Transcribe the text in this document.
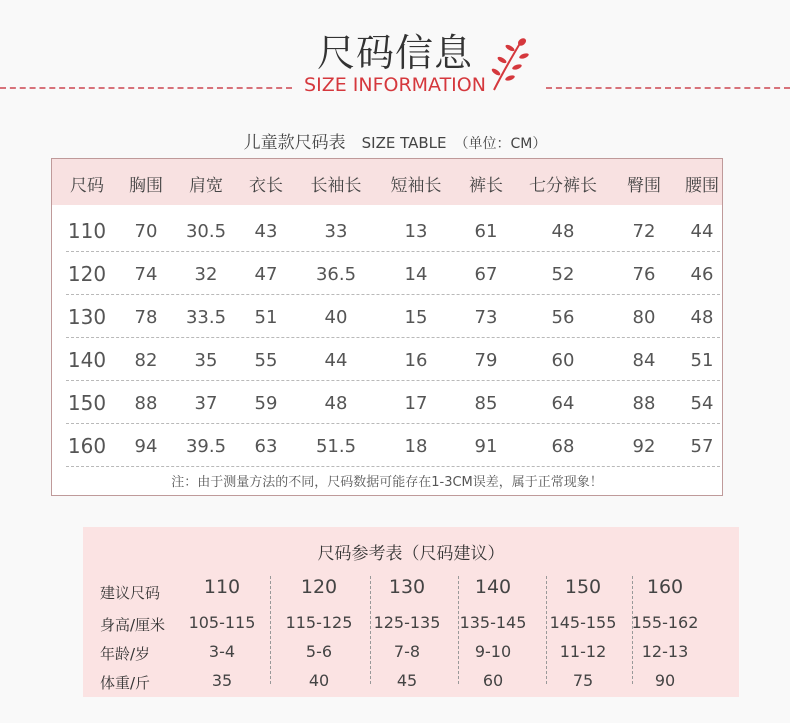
尺码信息
SIZE INFORMATION
儿童款尺码表 SIZE TABLE （单位：CM）
尺码	胸围	肩宽	衣长	长袖长	短袖长	裤长	七分裤长	臀围	腰围
110	70	30.5	43	33	13	61	48	72	44
120	74	32	47	36.5	14	67	52	76	46
130	78	33.5	51	40	15	73	56	80	48
140	82	35	55	44	16	79	60	84	51
150	88	37	59	48	17	85	64	88	54
160	94	39.5	63	51.5	18	91	68	92	57
注：由于测量方法的不同，尺码数据可能存在1-3CM误差，属于正常现象！
尺码参考表（尺码建议）
建议尺码	110	120	130	140	150	160
身高/厘米	105-115	115-125	125-135	135-145	145-155 155-162
年龄/岁	3-4	5-6	7-8	9-10	11-12	12-13
体重/斤	35	40	45	60	75	90
